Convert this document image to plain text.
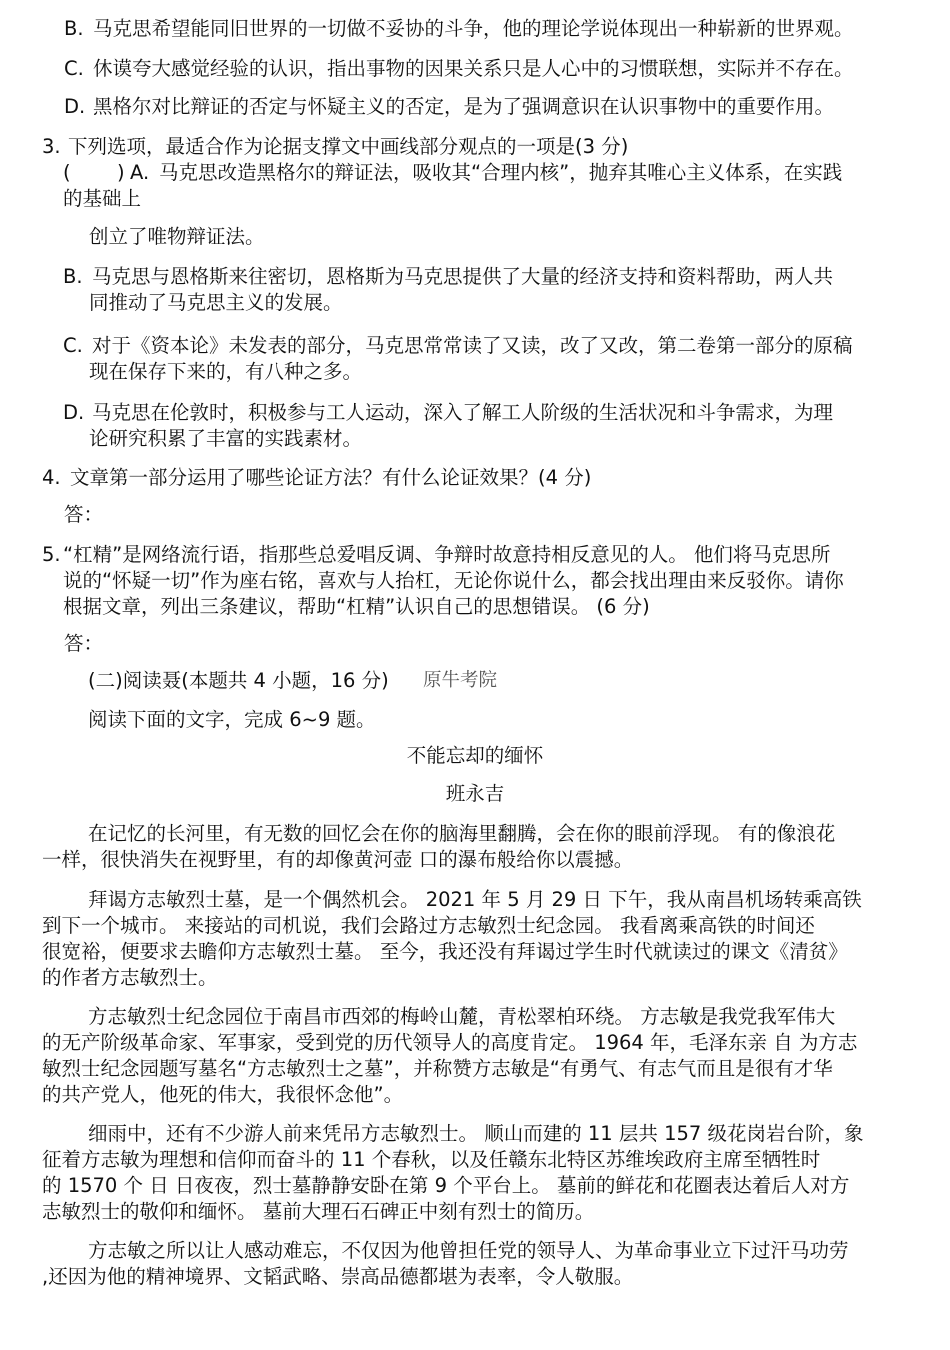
B. 马克思希望能同旧世界的一切做不妥协的斗争，他的理论学说体现出一种崭新的世界观。
C. 休谟夸大感觉经验的认识，指出事物的因果关系只是人心中的习惯联想，实际并不存在。
D. 黑格尔对比辩证的否定与怀疑主义的否定，是为了强调意识在认识事物中的重要作用。
3. 下列选项，最适合作为论据支撑文中画线部分观点的一项是(3 分)
( ) A. 马克思改造黑格尔的辩证法，吸收其“合理内核”，抛弃其唯心主义体系，在实践
的基础上
创立了唯物辩证法。
B. 马克思与恩格斯来往密切，恩格斯为马克思提供了大量的经济支持和资料帮助，两人共
同推动了马克思主义的发展。
C. 对于《资本论》未发表的部分，马克思常常读了又读，改了又改，第二卷第一部分的原稿
现在保存下来的，有八种之多。
D. 马克思在伦敦时，积极参与工人运动，深入了解工人阶级的生活状况和斗争需求，为理
论研究积累了丰富的实践素材。
4. 文章第一部分运用了哪些论证方法？有什么论证效果？(4 分)
答：
5. “杠精”是网络流行语，指那些总爱唱反调、争辩时故意持相反意见的人。 他们将马克思所
说的“怀疑一切”作为座右铭，喜欢与人抬杠，无论你说什么，都会找出理由来反驳你。请你
根据文章，列出三条建议，帮助“杠精”认识自己的思想错误。 (6 分)
答：
(二)阅读聂(本题共 4 小题，16 分) 原牛考院
阅读下面的文字，完成 6~9 题。
不能忘却的缅怀
班永吉
在记忆的长河里，有无数的回忆会在你的脑海里翻腾，会在你的眼前浮现。 有的像浪花
一样，很快消失在视野里，有的却像黄河壶 口的瀑布般给你以震撼。
拜谒方志敏烈士墓，是一个偶然机会。 2021 年 5 月 29 日 下午，我从南昌机场转乘高铁
到下一个城市。 来接站的司机说，我们会路过方志敏烈士纪念园。 我看离乘高铁的时间还
很宽裕，便要求去瞻仰方志敏烈士墓。 至今，我还没有拜谒过学生时代就读过的课文《清贫》
的作者方志敏烈士。
方志敏烈士纪念园位于南昌市西郊的梅岭山麓，青松翠柏环绕。 方志敏是我党我军伟大
的无产阶级革命家、军事家，受到党的历代领导人的高度肯定。 1964 年，毛泽东亲 自 为方志
敏烈士纪念园题写墓名“方志敏烈士之墓”，并称赞方志敏是“有勇气、有志气而且是很有才华
的共产党人，他死的伟大，我很怀念他”。
细雨中，还有不少游人前来凭吊方志敏烈士。 顺山而建的 11 层共 157 级花岗岩台阶，象
征着方志敏为理想和信仰而奋斗的 11 个春秋，以及任赣东北特区苏维埃政府主席至牺牲时
的 1570 个 日 日夜夜，烈士墓静静安卧在第 9 个平台上。 墓前的鲜花和花圈表达着后人对方
志敏烈士的敬仰和缅怀。 墓前大理石石碑正中刻有烈士的简历。
方志敏之所以让人感动难忘，不仅因为他曾担任党的领导人、为革命事业立下过汗马功劳
,还因为他的精神境界、文韬武略、崇高品德都堪为表率，令人敬服。
